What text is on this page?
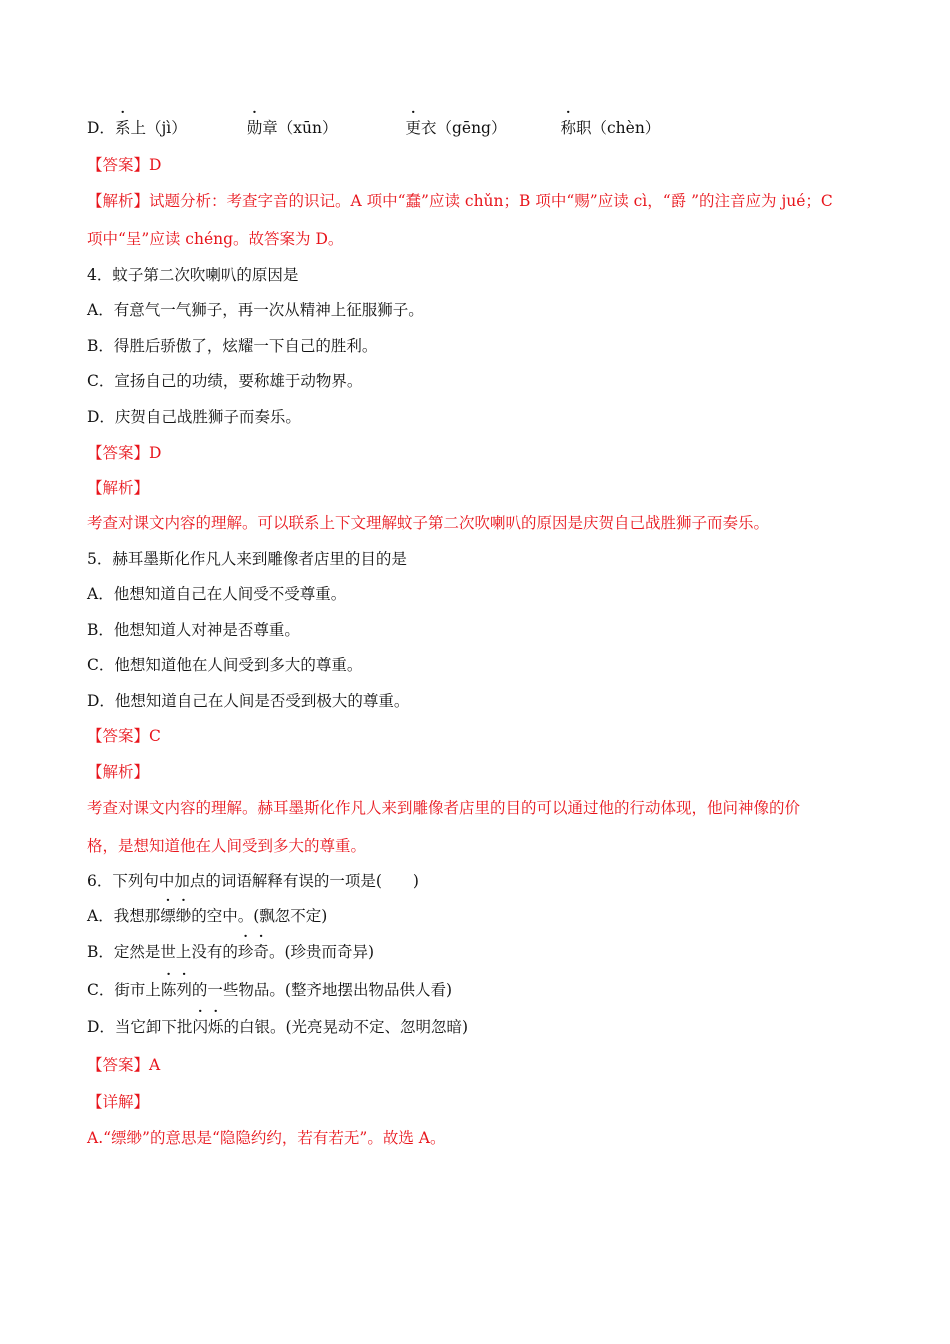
D．系上（jì）	勋章（xūn）	更衣（gēng）	称职（chèn）
【答案】D
【解析】试题分析：考查字音的识记。A 项中“蠢”应读 chǔn；B 项中“赐”应读 cì，“爵 ”的注音应为 jué；C
项中“呈”应读 chéng。故答案为 D。
4．蚊子第二次吹喇叭的原因是
A．有意气一气狮子，再一次从精神上征服狮子。
B．得胜后骄傲了，炫耀一下自己的胜利。
C．宣扬自己的功绩，要称雄于动物界。
D．庆贺自己战胜狮子而奏乐。
【答案】D
【解析】
考查对课文内容的理解。可以联系上下文理解蚊子第二次吹喇叭的原因是庆贺自己战胜狮子而奏乐。
5．赫耳墨斯化作凡人来到雕像者店里的目的是
A．他想知道自己在人间受不受尊重。
B．他想知道人对神是否尊重。
C．他想知道他在人间受到多大的尊重。
D．他想知道自己在人间是否受到极大的尊重。
【答案】C
【解析】
考查对课文内容的理解。赫耳墨斯化作凡人来到雕像者店里的目的可以通过他的行动体现，他问神像的价
格，是想知道他在人间受到多大的尊重。
6．下列句中加点的词语解释有误的一项是(　　)
A．我想那缥缈的空中。(飘忽不定)
B．定然是世上没有的珍奇。(珍贵而奇异)
C．街市上陈列的一些物品。(整齐地摆出物品供人看)
D．当它卸下批闪烁的白银。(光亮晃动不定、忽明忽暗)
【答案】A
【详解】
A.“缥缈”的意思是“隐隐约约，若有若无”。故选 A。
